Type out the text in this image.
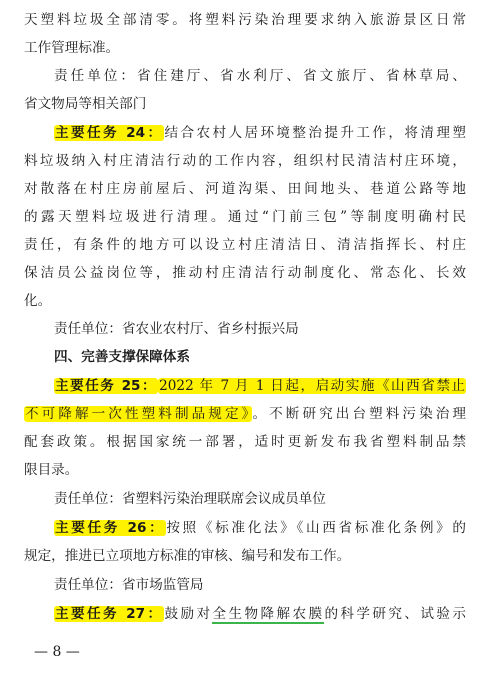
天塑料垃圾全部清零。将塑料污染治理要求纳入旅游景区日常
工作管理标准。
责任单位：省住建厅、省水利厅、省文旅厅、省林草局、
省文物局等相关部门
主要任务 24：结合农村人居环境整治提升工作，将清理塑
料垃圾纳入村庄清洁行动的工作内容，组织村民清洁村庄环境，
对散落在村庄房前屋后、河道沟渠、田间地头、巷道公路等地
的露天塑料垃圾进行清理。通过“门前三包”等制度明确村民
责任，有条件的地方可以设立村庄清洁日、清洁指挥长、村庄
保洁员公益岗位等，推动村庄清洁行动制度化、常态化、长效
化。
责任单位：省农业农村厅、省乡村振兴局
四、完善支撑保障体系
主要任务 25： 2022 年 7 月 1 日起，启动实施《山西省禁止
不可降解一次性塑料制品规定》。不断研究出台塑料污染治理
配套政策。根据国家统一部署，适时更新发布我省塑料制品禁
限目录。
责任单位：省塑料污染治理联席会议成员单位
主要任务 26：按照《标准化法》《山西省标准化条例》的
规定，推进已立项地方标准的审核、编号和发布工作。
责任单位：省市场监管局
主要任务 27：鼓励对全生物降解农膜的科学研究、试验示
— 8 —
